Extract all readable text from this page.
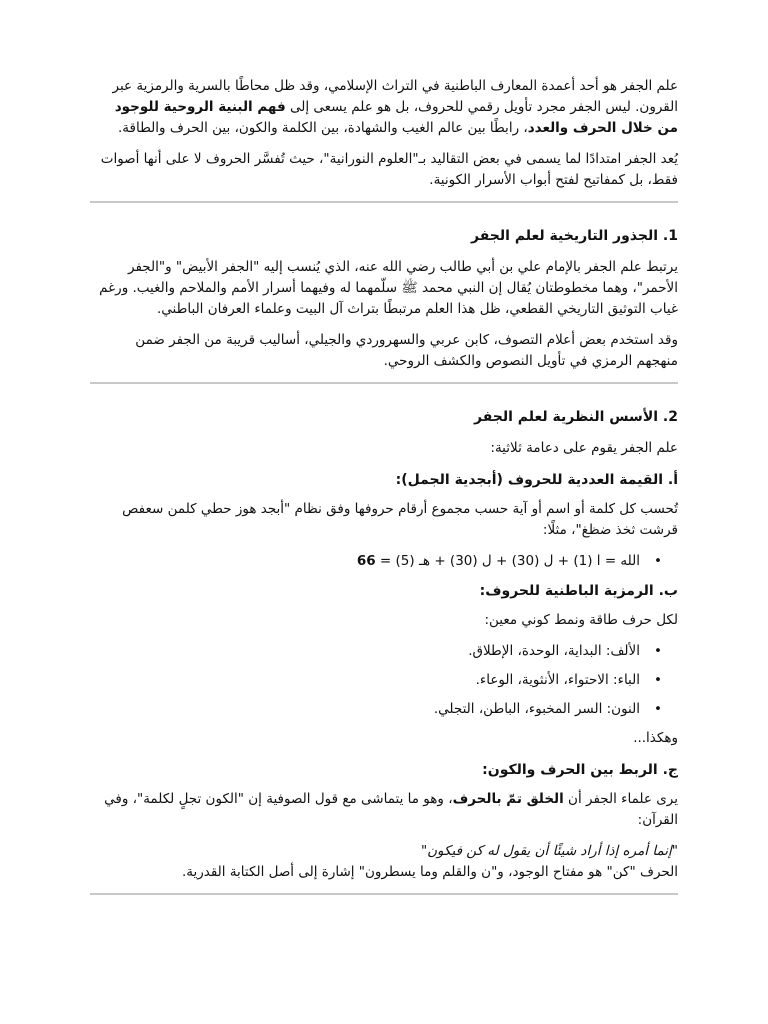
علم الجفر هو أحد أعمدة المعارف الباطنية في التراث الإسلامي، وقد ظل محاطًا بالسرية والرمزية عبر القرون. ليس الجفر مجرد تأويل رقمي للحروف، بل هو علم يسعى إلى فهم البنية الروحية للوجود من خلال الحرف والعدد، رابطًا بين عالم الغيب والشهادة، بين الكلمة والكون، بين الحرف والطاقة.

يُعد الجفر امتدادًا لما يسمى في بعض التقاليد بـ"العلوم النورانية"، حيث تُفسَّر الحروف لا على أنها أصوات فقط، بل كمفاتيح لفتح أبواب الأسرار الكونية.

1. الجذور التاريخية لعلم الجفر

يرتبط علم الجفر بالإمام علي بن أبي طالب رضي الله عنه، الذي يُنسب إليه "الجفر الأبيض" و"الجفر الأحمر"، وهما مخطوطتان يُقال إن النبي محمد ﷺ سلّمهما له وفيهما أسرار الأمم والملاحم والغيب. ورغم غياب التوثيق التاريخي القطعي، ظل هذا العلم مرتبطًا بتراث آل البيت وعلماء العرفان الباطني.

وقد استخدم بعض أعلام التصوف، كابن عربي والسهروردي والجيلي، أساليب قريبة من الجفر ضمن منهجهم الرمزي في تأويل النصوص والكشف الروحي.

2. الأسس النظرية لعلم الجفر

علم الجفر يقوم على دعامة ثلاثية:

أ. القيمة العددية للحروف (أبجدية الجمل):

تُحسب كل كلمة أو اسم أو آية حسب مجموع أرقام حروفها وفق نظام "أبجد هوز حطي كلمن سعفص قرشت ثخذ ضظغ"، مثلًا:

• الله = ا (1) + ل (30) + ل (30) + هـ (5) = 66
ب. الرمزية الباطنية للحروف:

لكل حرف طاقة ونمط كوني معين:

• الألف: البداية، الوحدة، الإطلاق.
• الباء: الاحتواء، الأنثوية، الوعاء.
• النون: السر المخبوء، الباطن، التجلي.

وهكذا...

ج. الربط بين الحرف والكون:

يرى علماء الجفر أن الخلق تمّ بالحرف، وهو ما يتماشى مع قول الصوفية إن "الكون تجلٍ لكلمة"، وفي القرآن:

"إنما أمره إذا أراد شيئًا أن يقول له كن فيكون"

الحرف "كن" هو مفتاح الوجود، و"ن والقلم وما يسطرون" إشارة إلى أصل الكتابة القدرية.
